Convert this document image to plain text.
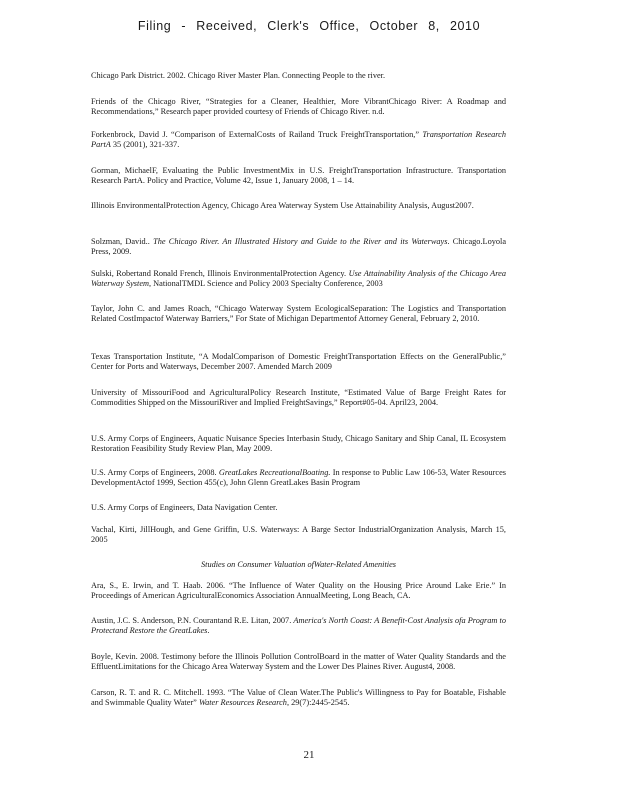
Filing - Received, Clerk's Office, October 8, 2010

Chicago Park District. 2002. Chicago River Master Plan. Connecting People to the river.

Friends of the Chicago River, “Strategies for a Cleaner, Healthier, More VibrantChicago River: A Roadmap and Recommendations,” Research paper provided courtesy of Friends of Chicago River. n.d.

Forkenbrock, David J. “Comparison of ExternalCosts of Railand Truck FreightTransportation,” Transportation Research PartA 35 (2001), 321-337.

Gorman, MichaelF, Evaluating the Public InvestmentMix in U.S. FreightTransportation Infrastructure. Transportation Research PartA. Policy and Practice, Volume 42, Issue 1, January 2008, 1 – 14.

Illinois EnvironmentalProtection Agency, Chicago Area Waterway System Use Attainability Analysis, August2007.

Solzman, David.. The Chicago River. An Illustrated History and Guide to the River and its Waterways. Chicago.Loyola Press, 2009.

Sulski, Robertand Ronald French, Illinois EnvironmentalProtection Agency. Use Attainability Analysis of the Chicago Area Waterway System, NationalTMDL Science and Policy 2003 Specialty Conference, 2003

Taylor, John C. and James Roach, “Chicago Waterway System EcologicalSeparation: The Logistics and Transportation Related CostImpactof Waterway Barriers,” For State of Michigan Departmentof Attorney General, February 2, 2010.

Texas Transportation Institute, “A ModalComparison of Domestic FreightTransportation Effects on the GeneralPublic,” Center for Ports and Waterways, December 2007. Amended March 2009

University of MissouriFood and AgriculturalPolicy Research Institute, “Estimated Value of Barge Freight Rates for Commodities Shipped on the MissouriRiver and Implied FreightSavings,” Report#05-04. April23, 2004.

U.S. Army Corps of Engineers, Aquatic Nuisance Species Interbasin Study, Chicago Sanitary and Ship Canal, IL Ecosystem Restoration Feasibility Study Review Plan, May 2009.

U.S. Army Corps of Engineers, 2008. GreatLakes RecreationalBoating. In response to Public Law 106-53, Water Resources DevelopmentActof 1999, Section 455(c), John Glenn GreatLakes Basin Program

U.S. Army Corps of Engineers, Data Navigation Center.

Vachal, Kirti, JillHough, and Gene Griffin, U.S. Waterways: A Barge Sector IndustrialOrganization Analysis, March 15, 2005

Studies on Consumer Valuation ofWater-Related Amenities

Ara, S., E. Irwin, and T. Haab. 2006. “The Influence of Water Quality on the Housing Price Around Lake Erie.” In Proceedings of American AgriculturalEconomics Association AnnualMeeting, Long Beach, CA.

Austin, J.C. S. Anderson, P.N. Courantand R.E. Litan, 2007. America's North Coast: A Benefit-Cost Analysis ofa Program to Protectand Restore the GreatLakes.

Boyle, Kevin. 2008. Testimony before the Illinois Pollution ControlBoard in the matter of Water Quality Standards and the EffluentLimitations for the Chicago Area Waterway System and the Lower Des Plaines River. August4, 2008.

Carson, R. T. and R. C. Mitchell. 1993. “The Value of Clean Water.The Public's Willingness to Pay for Boatable, Fishable and Swimmable Quality Water” Water Resources Research, 29(7):2445-2545.

21
